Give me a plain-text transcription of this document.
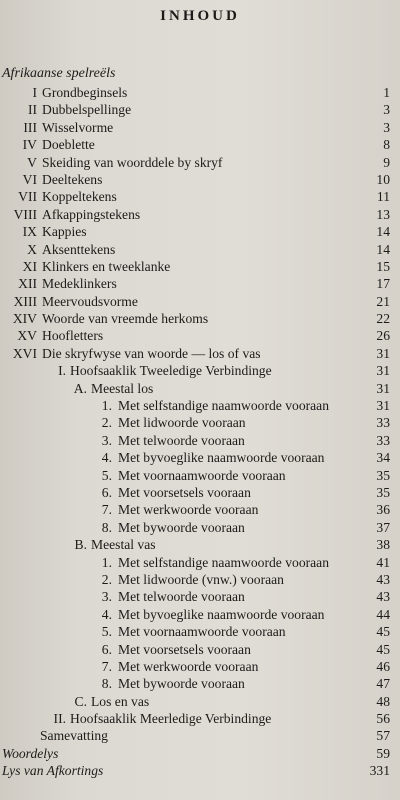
INHOUD
Afrikaanse spelreëls
I Grondbeginsels	1
II Dubbelspellinge	3
III Wisselvorme	3
IV Doeblette	8
V Skeiding van woorddele by skryf	9
VI Deeltekens	10
VII Koppeltekens	11
VIII Afkappingstekens	13
IX Kappies	14
X Aksenttekens	14
XI Klinkers en tweeklanke	15
XII Medeklinkers	17
XIII Meervoudsvorme	21
XIV Woorde van vreemde herkoms	22
XV Hoofletters	26
XVI Die skryfwyse van woorde — los of vas	31
I. Hoofsaaklik Tweeledige Verbindinge	31
A. Meestal los	31
1. Met selfstandige naamwoorde vooraan	31
2. Met lidwoorde vooraan	33
3. Met telwoorde vooraan	33
4. Met byvoeglike naamwoorde vooraan	34
5. Met voornaamwoorde vooraan	35
6. Met voorsetsels vooraan	35
7. Met werkwoorde vooraan	36
8. Met bywoorde vooraan	37
B. Meestal vas	38
1. Met selfstandige naamwoorde vooraan	41
2. Met lidwoorde (vnw.) vooraan	43
3. Met telwoorde vooraan	43
4. Met byvoeglike naamwoorde vooraan	44
5. Met voornaamwoorde vooraan	45
6. Met voorsetsels vooraan	45
7. Met werkwoorde vooraan	46
8. Met bywoorde vooraan	47
C. Los en vas	48
II. Hoofsaaklik Meerledige Verbindinge	56
Samevatting	57
Woordelys	59
Lys van Afkortings	331
